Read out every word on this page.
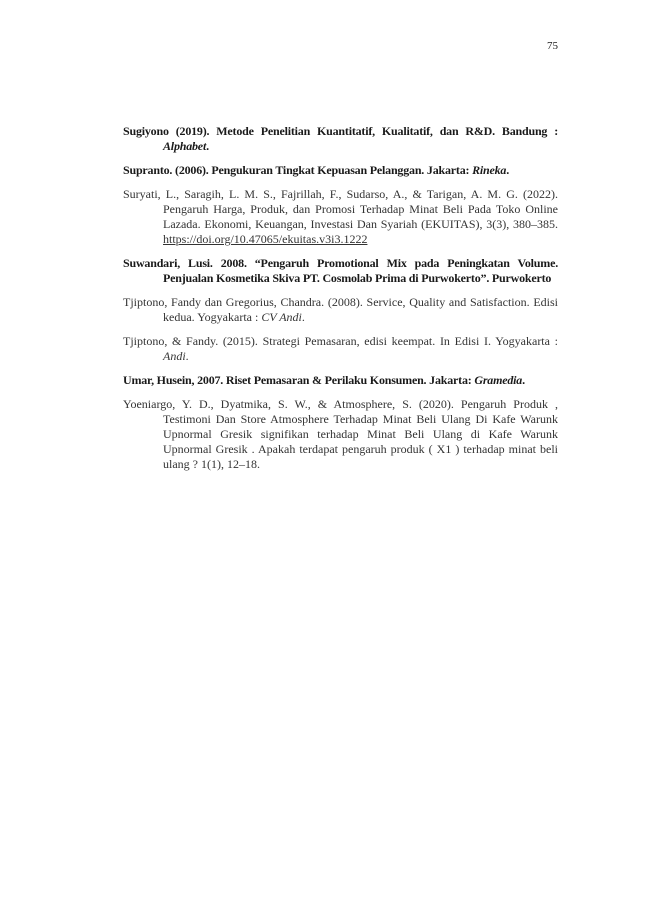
75

Sugiyono (2019). Metode Penelitian Kuantitatif, Kualitatif, dan R&D. Bandung : Alphabet.

Supranto. (2006). Pengukuran Tingkat Kepuasan Pelanggan. Jakarta: Rineka.

Suryati, L., Saragih, L. M. S., Fajrillah, F., Sudarso, A., & Tarigan, A. M. G. (2022). Pengaruh Harga, Produk, dan Promosi Terhadap Minat Beli Pada Toko Online Lazada. Ekonomi, Keuangan, Investasi Dan Syariah (EKUITAS), 3(3), 380–385. https://doi.org/10.47065/ekuitas.v3i3.1222

Suwandari, Lusi. 2008. “Pengaruh Promotional Mix pada Peningkatan Volume. Penjualan Kosmetika Skiva PT. Cosmolab Prima di Purwokerto”. Purwokerto

Tjiptono, Fandy dan Gregorius, Chandra. (2008). Service, Quality and Satisfaction. Edisi kedua. Yogyakarta : CV Andi.

Tjiptono, & Fandy. (2015). Strategi Pemasaran, edisi keempat. In Edisi I. Yogyakarta : Andi.

Umar, Husein, 2007. Riset Pemasaran & Perilaku Konsumen. Jakarta: Gramedia.

Yoeniargo, Y. D., Dyatmika, S. W., & Atmosphere, S. (2020). Pengaruh Produk , Testimoni Dan Store Atmosphere Terhadap Minat Beli Ulang Di Kafe Warunk Upnormal Gresik signifikan terhadap Minat Beli Ulang di Kafe Warunk Upnormal Gresik . Apakah terdapat pengaruh produk ( X1 ) terhadap minat beli ulang ? 1(1), 12–18.
